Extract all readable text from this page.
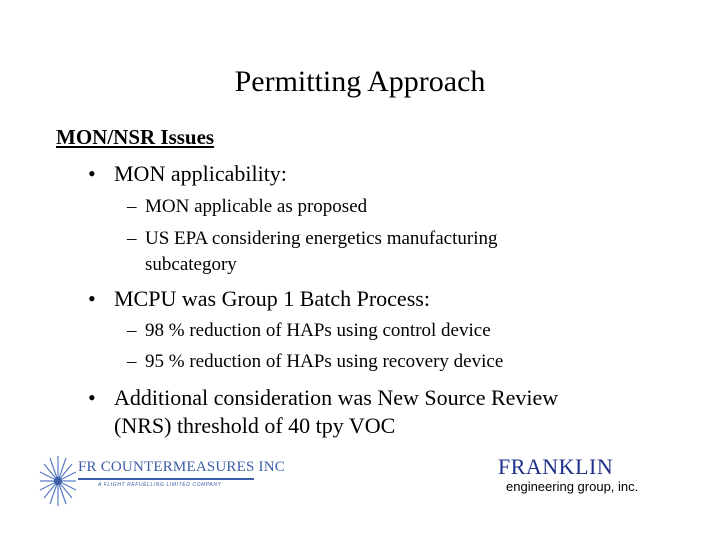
Permitting Approach
MON/NSR Issues
• MON applicability:
– MON applicable as proposed
– US EPA considering energetics manufacturing
subcategory
• MCPU was Group 1 Batch Process:
– 98 % reduction of HAPs using control device
– 95 % reduction of HAPs using recovery device
• Additional consideration was New Source Review
(NRS) threshold of 40 tpy VOC
FR COUNTERMEASURES INC
A FLIGHT REFUELLING LIMITED COMPANY
FRANKLIN
engineering group, inc.
